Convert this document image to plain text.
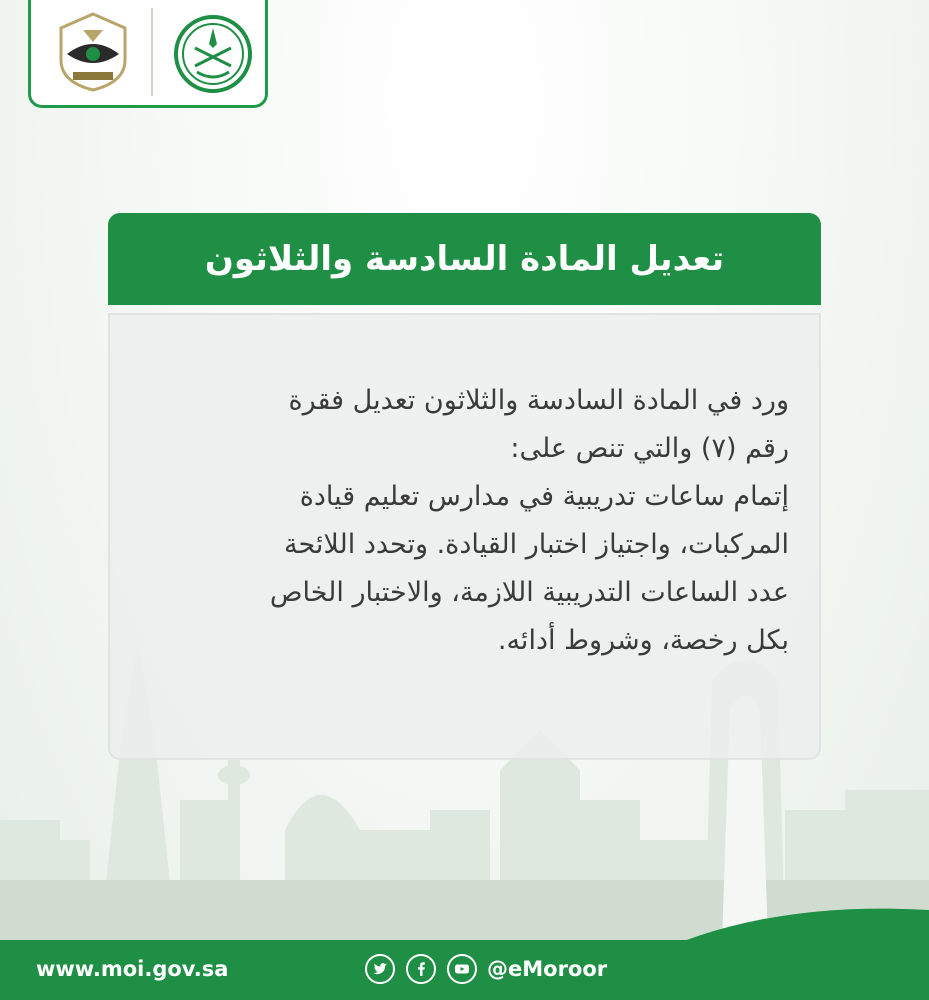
تعديل المادة السادسة والثلاثون
ورد في المادة السادسة والثلاثون تعديل فقرة
رقم (٧) والتي تنص على:
إتمام ساعات تدريبية في مدارس تعليم قيادة
المركبات، واجتياز اختبار القيادة. وتحدد اللائحة
عدد الساعات التدريبية اللازمة، والاختبار الخاص
بكل رخصة، وشروط أدائه.
www.moi.gov.sa	@eMoroor
